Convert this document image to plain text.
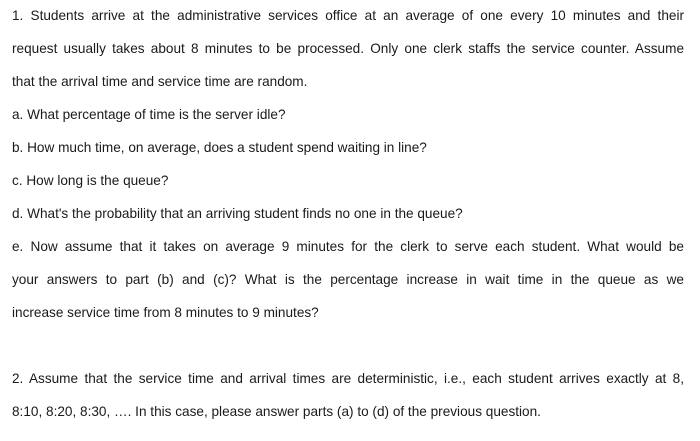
1. Students arrive at the administrative services office at an average of one every 10 minutes and their
request usually takes about 8 minutes to be processed. Only one clerk staffs the service counter. Assume
that the arrival time and service time are random.
a. What percentage of time is the server idle?
b. How much time, on average, does a student spend waiting in line?
c. How long is the queue?
d. What's the probability that an arriving student finds no one in the queue?
e. Now assume that it takes on average 9 minutes for the clerk to serve each student. What would be
your answers to part (b) and (c)? What is the percentage increase in wait time in the queue as we
increase service time from 8 minutes to 9 minutes?
2. Assume that the service time and arrival times are deterministic, i.e., each student arrives exactly at 8,
8:10, 8:20, 8:30, …. In this case, please answer parts (a) to (d) of the previous question.
